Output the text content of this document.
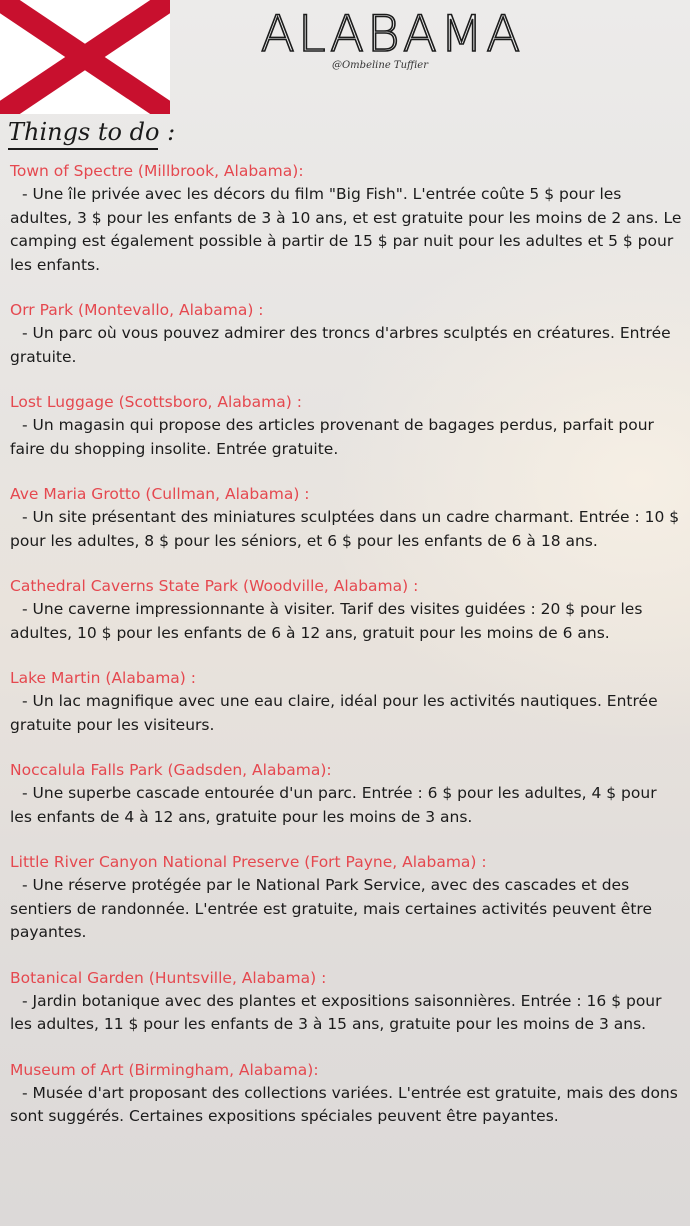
ALABAMA
@Ombeline Tuffier
Things to do :
Town of Spectre (Millbrook, Alabama):
- Une île privée avec les décors du film "Big Fish". L'entrée coûte 5 $ pour les adultes, 3 $ pour les enfants de 3 à 10 ans, et est gratuite pour les moins de 2 ans. Le camping est également possible à partir de 15 $ par nuit pour les adultes et 5 $ pour les enfants.
Orr Park (Montevallo, Alabama) :
- Un parc où vous pouvez admirer des troncs d'arbres sculptés en créatures. Entrée gratuite.
Lost Luggage (Scottsboro, Alabama) :
- Un magasin qui propose des articles provenant de bagages perdus, parfait pour faire du shopping insolite. Entrée gratuite.
Ave Maria Grotto (Cullman, Alabama) :
- Un site présentant des miniatures sculptées dans un cadre charmant. Entrée : 10 $ pour les adultes, 8 $ pour les séniors, et 6 $ pour les enfants de 6 à 18 ans.
Cathedral Caverns State Park (Woodville, Alabama) :
- Une caverne impressionnante à visiter. Tarif des visites guidées : 20 $ pour les adultes, 10 $ pour les enfants de 6 à 12 ans, gratuit pour les moins de 6 ans.
Lake Martin (Alabama) :
- Un lac magnifique avec une eau claire, idéal pour les activités nautiques. Entrée gratuite pour les visiteurs.
Noccalula Falls Park (Gadsden, Alabama):
- Une superbe cascade entourée d'un parc. Entrée : 6 $ pour les adultes, 4 $ pour les enfants de 4 à 12 ans, gratuite pour les moins de 3 ans.
Little River Canyon National Preserve (Fort Payne, Alabama) :
- Une réserve protégée par le National Park Service, avec des cascades et des sentiers de randonnée. L'entrée est gratuite, mais certaines activités peuvent être payantes.
Botanical Garden (Huntsville, Alabama) :
- Jardin botanique avec des plantes et expositions saisonnières. Entrée : 16 $ pour les adultes, 11 $ pour les enfants de 3 à 15 ans, gratuite pour les moins de 3 ans.
Museum of Art (Birmingham, Alabama):
- Musée d'art proposant des collections variées. L'entrée est gratuite, mais des dons sont suggérés. Certaines expositions spéciales peuvent être payantes.
